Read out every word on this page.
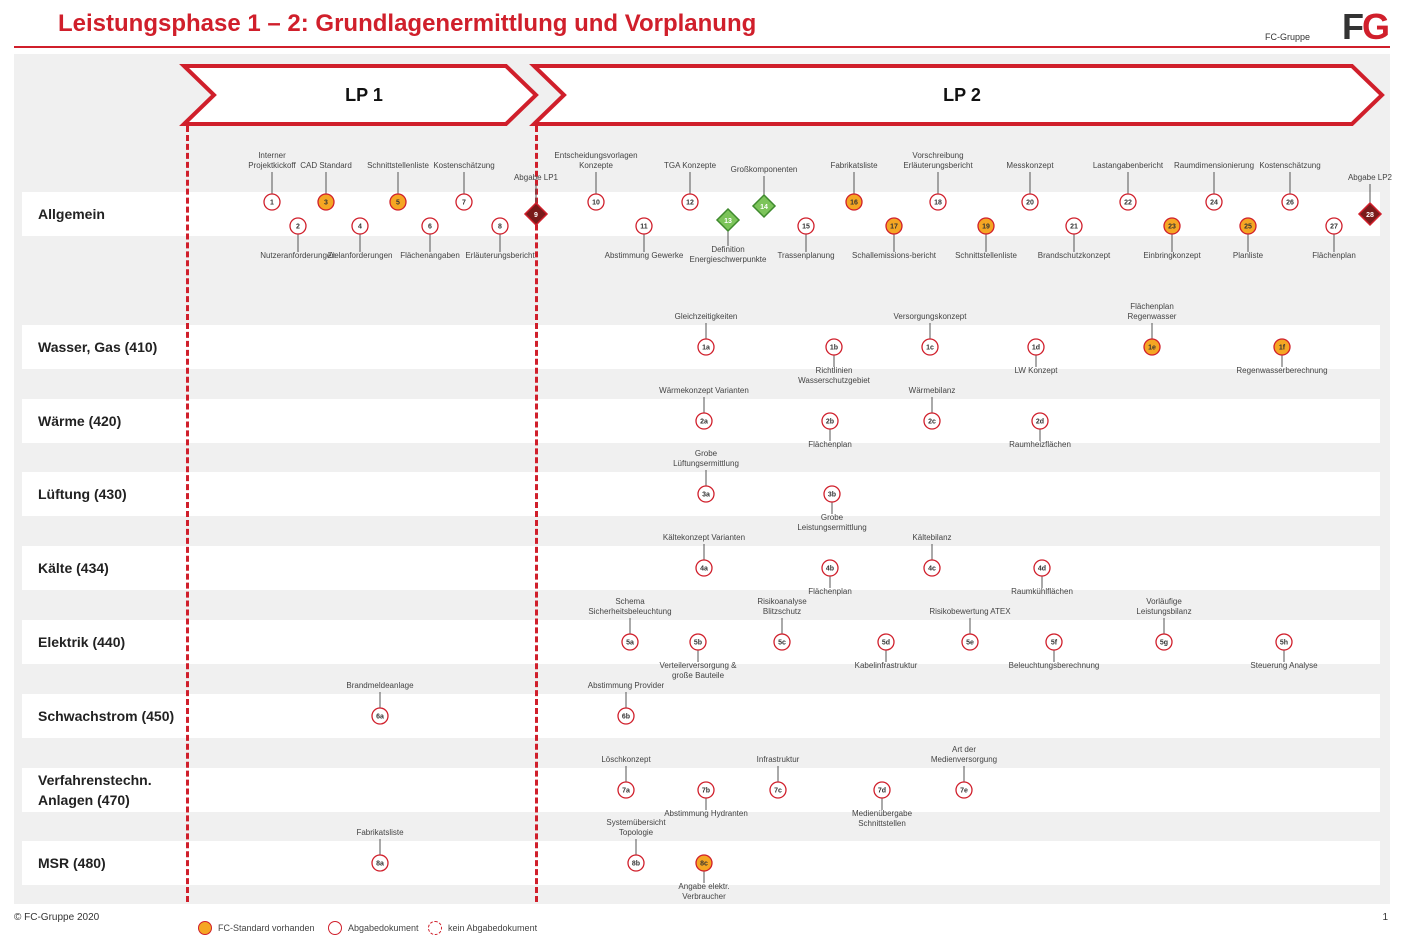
Leistungsphase 1 – 2: Grundlagenermittlung und Vorplanung	FG
FC-Gruppe
Allgemein
Wasser, Gas (410)
Wärme (420)
Lüftung (430)
Kälte (434)
Elektrik (440)
Schwachstrom (450)
Verfahrenstechn. Anlagen (470)
MSR (480)
LP 1	LP 2
Interner
Projektkickoff
1
Nutzeranforderungen
2
CAD Standard
3
Zielanforderungen
4
Schnittstellenliste
5
Flächenangaben
6
Kostenschätzung
7
Erläuterungsbericht
8
Abgabe LP1
9
Entscheidungsvorlagen
Konzepte
10
Abstimmung Gewerke
11
TGA Konzepte
12
Definition
Energieschwerpunkte
13
Großkomponenten
14
Trassenplanung
15
Fabrikatsliste
16
Schallemissions-bericht
17
Vorschreibung
Erläuterungsbericht
18
Schnittstellenliste
19
Messkonzept
20
Brandschutzkonzept
21
Lastangabenbericht
22
Einbringkonzept
23
Raumdimensionierung
24
Planliste
25
Kostenschätzung
26
Flächenplan
27
Abgabe LP2
28
Gleichzeitigkeiten
1a
Richtlinien
Wasserschutzgebiet
1b
Versorgungskonzept
1c
LW Konzept
1d
Flächenplan
Regenwasser
1e
Regenwasserberechnung
1f
Wärmekonzept Varianten
2a
Flächenplan
2b
Wärmebilanz
2c
Raumheizflächen
2d
Grobe
Lüftungsermittlung
3a
Grobe
Leistungsermittlung
3b
Kältekonzept Varianten
4a
Flächenplan
4b
Kältebilanz
4c
Raumkühlflächen
4d
Schema
Sicherheitsbeleuchtung
5a
Verteilerversorgung &
große Bauteile
5b
Risikoanalyse
Blitzschutz
5c
Kabelinfrastruktur
5d
Risikobewertung ATEX
5e
Beleuchtungsberechnung
5f
Vorläufige
Leistungsbilanz
5g
Steuerung Analyse
5h
Brandmeldeanlage
6a
Abstimmung Provider
6b
Löschkonzept
7a
Abstimmung Hydranten
7b
Infrastruktur
7c
Medienübergabe
Schnittstellen
7d
Art der
Medienversorgung
7e
Fabrikatsliste
8a
Systemübersicht
Topologie
8b
Angabe elektr.
Verbraucher
8c
© FC-Gruppe 2020
FC-Standard vorhanden	Abgabedokument	kein Abgabedokument
1
